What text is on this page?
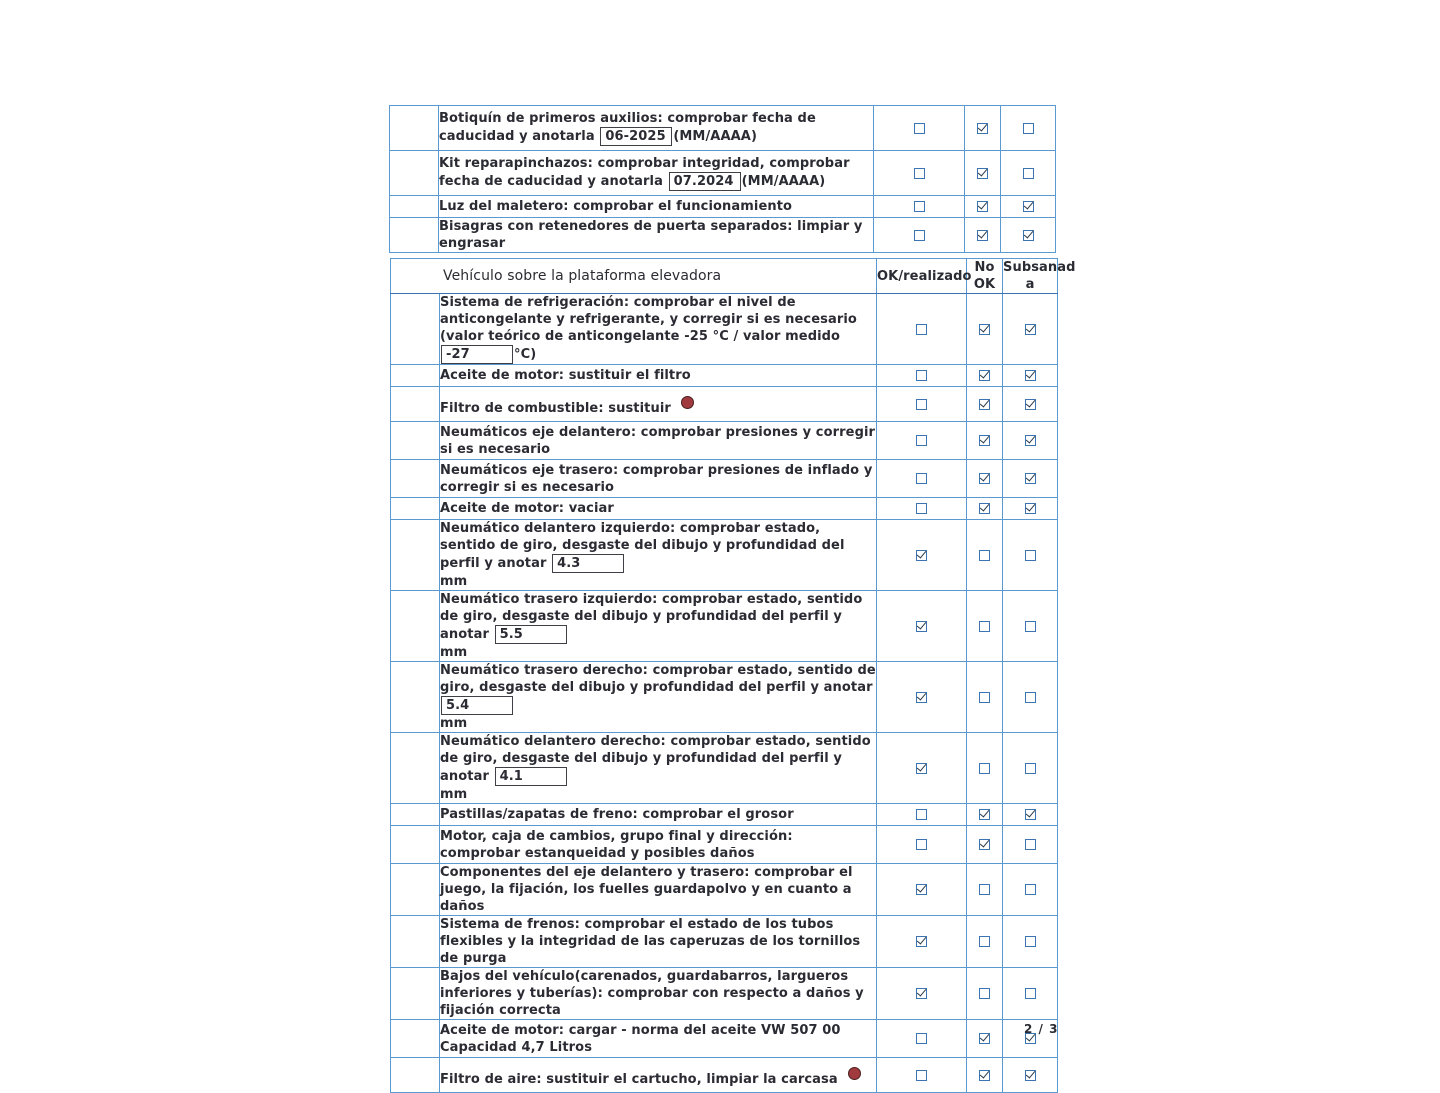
	Botiquín de primeros auxilios: comprobar fecha de caducidad y anotarla 06-2025 (MM/AAAA)			
	Kit reparapinchazos: comprobar integridad, comprobar fecha de caducidad y anotarla 07.2024 (MM/AAAA)			
	Luz del maletero: comprobar el funcionamiento			
	Bisagras con retenedores de puerta separados: limpiar y engrasar			
Vehículo sobre la plataforma elevadora		OK/realizado	No OK	Subsanad a
	Sistema de refrigeración: comprobar el nivel de anticongelante y refrigerante, y corregir si es necesario (valor teórico de anticongelante -25 °C / valor medido -27 °C)			
	Aceite de motor: sustituir el filtro			
	Filtro de combustible: sustituir			
	Neumáticos eje delantero: comprobar presiones y corregir si es necesario			
	Neumáticos eje trasero: comprobar presiones de inflado y corregir si es necesario			
	Aceite de motor: vaciar			
	Neumático delantero izquierdo: comprobar estado, sentido de giro, desgaste del dibujo y profundidad del perfil y anotar 4.3
mm			

	Neumático trasero izquierdo: comprobar estado, sentido de giro, desgaste del dibujo y profundidad del perfil y anotar 5.5
mm			

	Neumático trasero derecho: comprobar estado, sentido de giro, desgaste del dibujo y profundidad del perfil y anotar 5.4
mm			

	Neumático delantero derecho: comprobar estado, sentido de giro, desgaste del dibujo y profundidad del perfil y anotar 4.1
mm			

	Pastillas/zapatas de freno: comprobar el grosor			
	Motor, caja de cambios, grupo final y dirección: comprobar estanqueidad y posibles daños			
	Componentes del eje delantero y trasero: comprobar el juego, la fijación, los fuelles guardapolvo y en cuanto a daños			
	Sistema de frenos: comprobar el estado de los tubos flexibles y la integridad de las caperuzas de los tornillos de purga			
	Bajos del vehículo(carenados, guardabarros, largueros inferiores y tuberías): comprobar con respecto a daños y fijación correcta			
	Aceite de motor: cargar - norma del aceite VW 507 00 Capacidad 4,7 Litros			
	Filtro de aire: sustituir el cartucho, limpiar la carcasa			
2 / 3
